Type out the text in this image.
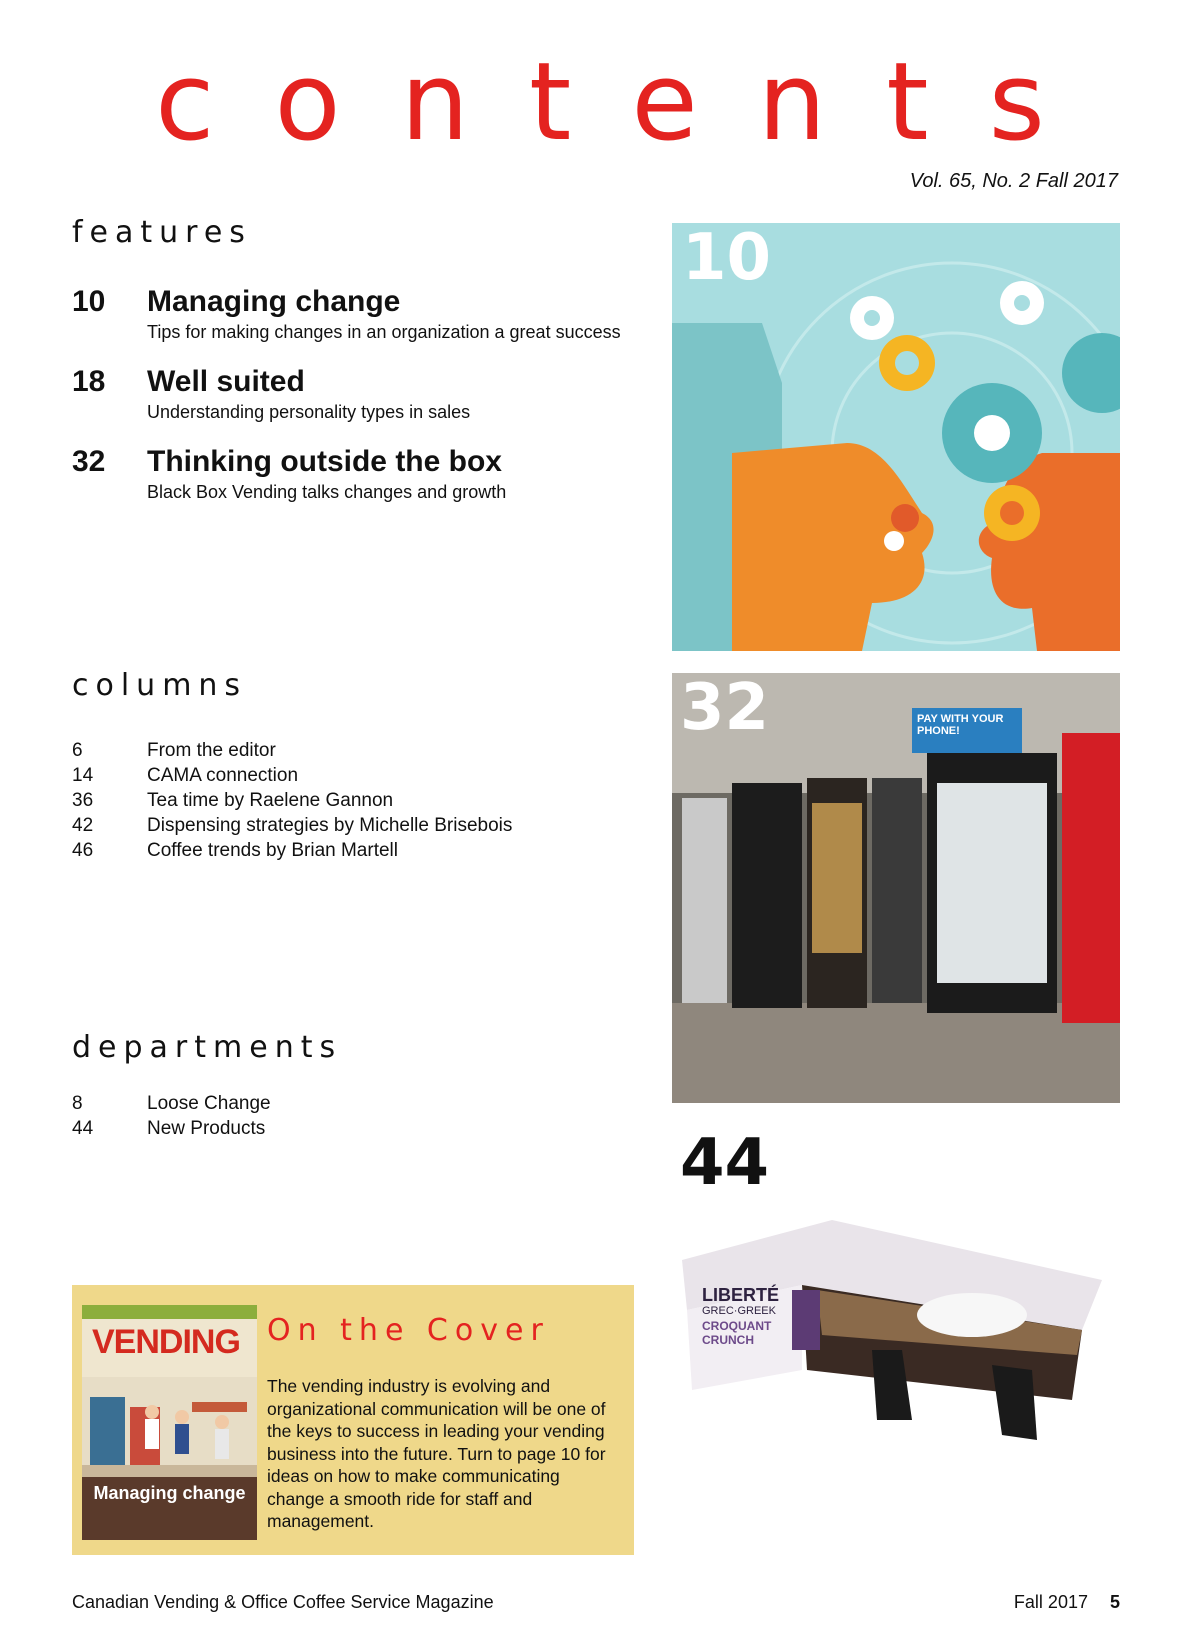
contents
Vol. 65, No. 2 Fall 2017
features
10 Managing change
Tips for making changes in an organization a great success
18 Well suited
Understanding personality types in sales
32 Thinking outside the box
Black Box Vending talks changes and growth
columns
6	From the editor
14	CAMA connection
36	Tea time by Raelene Gannon
42	Dispensing strategies by Michelle Brisebois
46	Coffee trends by Brian Martell
departments
8	Loose Change
44	New Products
VENDING
Managing change
On the Cover
The vending industry is evolving and organizational communication will be one of the keys to success in leading your vending business into the future. Turn to page 10 for ideas on how to make communicating change a smooth ride for staff and management.
10
32	PAY WITH YOUR PHONE!
44
LIBERTÉ
GREC·GREEK
CROQUANT CRUNCH
Canadian Vending & Office Coffee Service Magazine	Fall 2017 5
